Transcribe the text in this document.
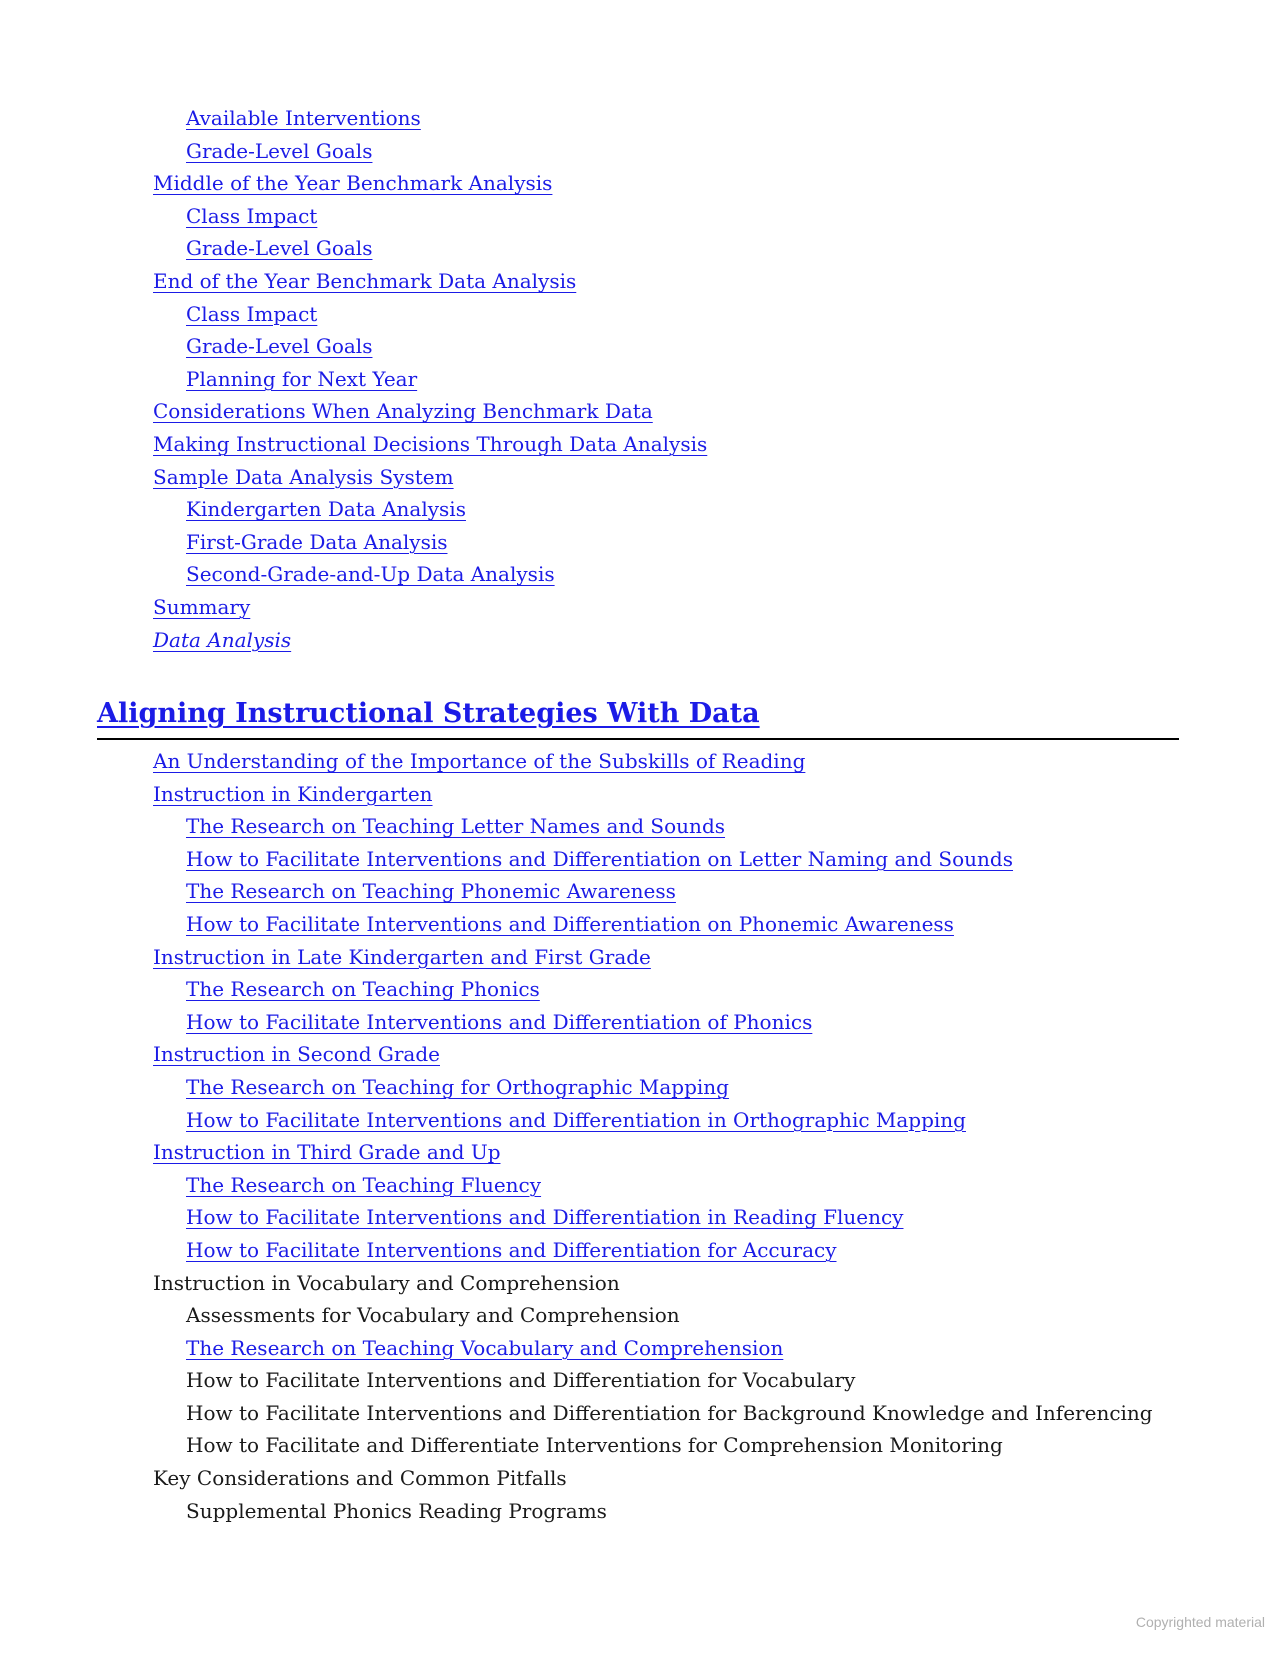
Available Interventions
Grade-Level Goals
Middle of the Year Benchmark Analysis
Class Impact
Grade-Level Goals
End of the Year Benchmark Data Analysis
Class Impact
Grade-Level Goals
Planning for Next Year
Considerations When Analyzing Benchmark Data
Making Instructional Decisions Through Data Analysis
Sample Data Analysis System
Kindergarten Data Analysis
First-Grade Data Analysis
Second-Grade-and-Up Data Analysis
Summary
Data Analysis
Aligning Instructional Strategies With Data
An Understanding of the Importance of the Subskills of Reading
Instruction in Kindergarten
The Research on Teaching Letter Names and Sounds
How to Facilitate Interventions and Differentiation on Letter Naming and Sounds
The Research on Teaching Phonemic Awareness
How to Facilitate Interventions and Differentiation on Phonemic Awareness
Instruction in Late Kindergarten and First Grade
The Research on Teaching Phonics
How to Facilitate Interventions and Differentiation of Phonics
Instruction in Second Grade
The Research on Teaching for Orthographic Mapping
How to Facilitate Interventions and Differentiation in Orthographic Mapping
Instruction in Third Grade and Up
The Research on Teaching Fluency
How to Facilitate Interventions and Differentiation in Reading Fluency
How to Facilitate Interventions and Differentiation for Accuracy
Instruction in Vocabulary and Comprehension
Assessments for Vocabulary and Comprehension
The Research on Teaching Vocabulary and Comprehension
How to Facilitate Interventions and Differentiation for Vocabulary
How to Facilitate Interventions and Differentiation for Background Knowledge and Inferencing
How to Facilitate and Differentiate Interventions for Comprehension Monitoring
Key Considerations and Common Pitfalls
Supplemental Phonics Reading Programs
Copyrighted material
